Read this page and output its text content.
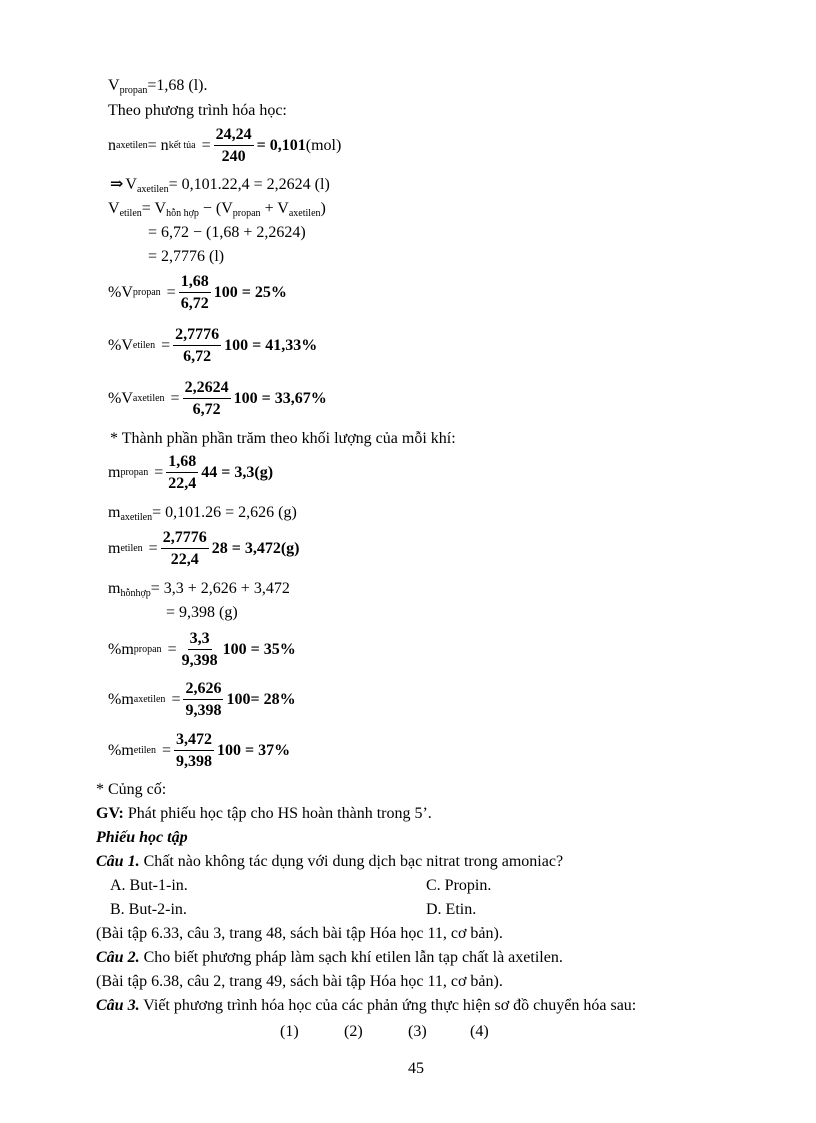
$V_{propan}=1,68$ (l).
Theo phương trình hóa học:
n axetilen = n kết tủa = $\frac{24,24}{240} = 0,101$ (mol)
⇒ $V_{axetilen}= 0,101.22,4 = 2,2624$ (l)
$V_{etilen}= V_{hỗn hợp} - (V_{propan} + V_{axetilen})$
= 6,72 − (1,68 + 2,2624)
= 2,7776 (l)
%V propan = $\frac{1,68}{6,72} 100 = 25\%$
%V etilen = $\frac{2,7776}{6,72} 100 = 41,33\%$
%V axetilen = $\frac{2,2624}{6,72} 100 = 33,67\%$
* Thành phần phần trăm theo khối lượng của mỗi khí:
m propan = $\frac{1,68}{22,4} 44 = 3,3(g)$
$m_{axetilen}= 0,101.26 = 2,626$ (g)
m etilen = $\frac{2,7776}{22,4} 28 = 3,472(g)$
$m_{hỗnhợp}= 3,3 + 2,626 + 3,472$
= 9,398 (g)
%m propan = $\frac{3,3}{9,398} 100 = 35\%$
%m axetilen = $\frac{2,626}{9,398} 100= 28\%$
%m etilen = $\frac{3,472}{9,398} 100 = 37\%$
* Củng cố:
GV: Phát phiếu học tập cho HS hoàn thành trong 5’.
Phiếu học tập
Câu 1. Chất nào không tác dụng với dung dịch bạc nitrat trong amoniac?
A. But-1-in.	C. Propin.
B. But-2-in.	D. Etin.
(Bài tập 6.33, câu 3, trang 48, sách bài tập Hóa học 11, cơ bản).
Câu 2. Cho biết phương pháp làm sạch khí etilen lẫn tạp chất là axetilen.
(Bài tập 6.38, câu 2, trang 49, sách bài tập Hóa học 11, cơ bản).
Câu 3. Viết phương trình hóa học của các phản ứng thực hiện sơ đồ chuyển hóa sau:
(1)	(2)	(3)	(4)
45
